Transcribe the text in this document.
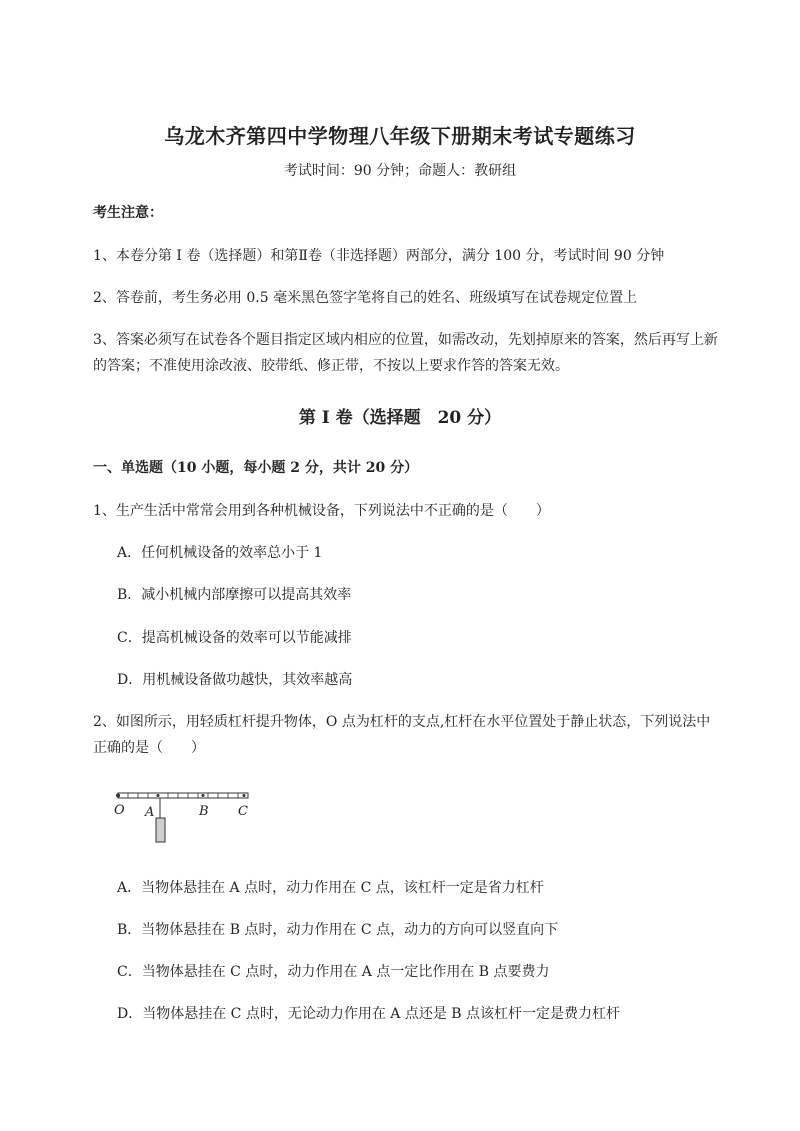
乌龙木齐第四中学物理八年级下册期末考试专题练习
考试时间：90 分钟；命题人：教研组
考生注意：
1、本卷分第 I 卷（选择题）和第Ⅱ卷（非选择题）两部分，满分 100 分，考试时间 90 分钟
2、答卷前，考生务必用 0.5 毫米黑色签字笔将自己的姓名、班级填写在试卷规定位置上
3、答案必须写在试卷各个题目指定区域内相应的位置，如需改动，先划掉原来的答案，然后再写上新
的答案；不准使用涂改液、胶带纸、修正带，不按以上要求作答的答案无效。
第 I 卷（选择题　20 分）
一、单选题（10 小题，每小题 2 分，共计 20 分）
1、生产生活中常常会用到各种机械设备，下列说法中不正确的是（　　）
A．任何机械设备的效率总小于 1
B．减小机械内部摩擦可以提高其效率
C．提高机械设备的效率可以节能减排
D．用机械设备做功越快，其效率越高
2、如图所示，用轻质杠杆提升物体，O 点为杠杆的支点,杠杆在水平位置处于静止状态，下列说法中
正确的是（　　）
O A	B C
A．当物体悬挂在 A 点时，动力作用在 C 点，该杠杆一定是省力杠杆
B．当物体悬挂在 B 点时，动力作用在 C 点，动力的方向可以竖直向下
C．当物体悬挂在 C 点时，动力作用在 A 点一定比作用在 B 点要费力
D．当物体悬挂在 C 点时，无论动力作用在 A 点还是 B 点该杠杆一定是费力杠杆
